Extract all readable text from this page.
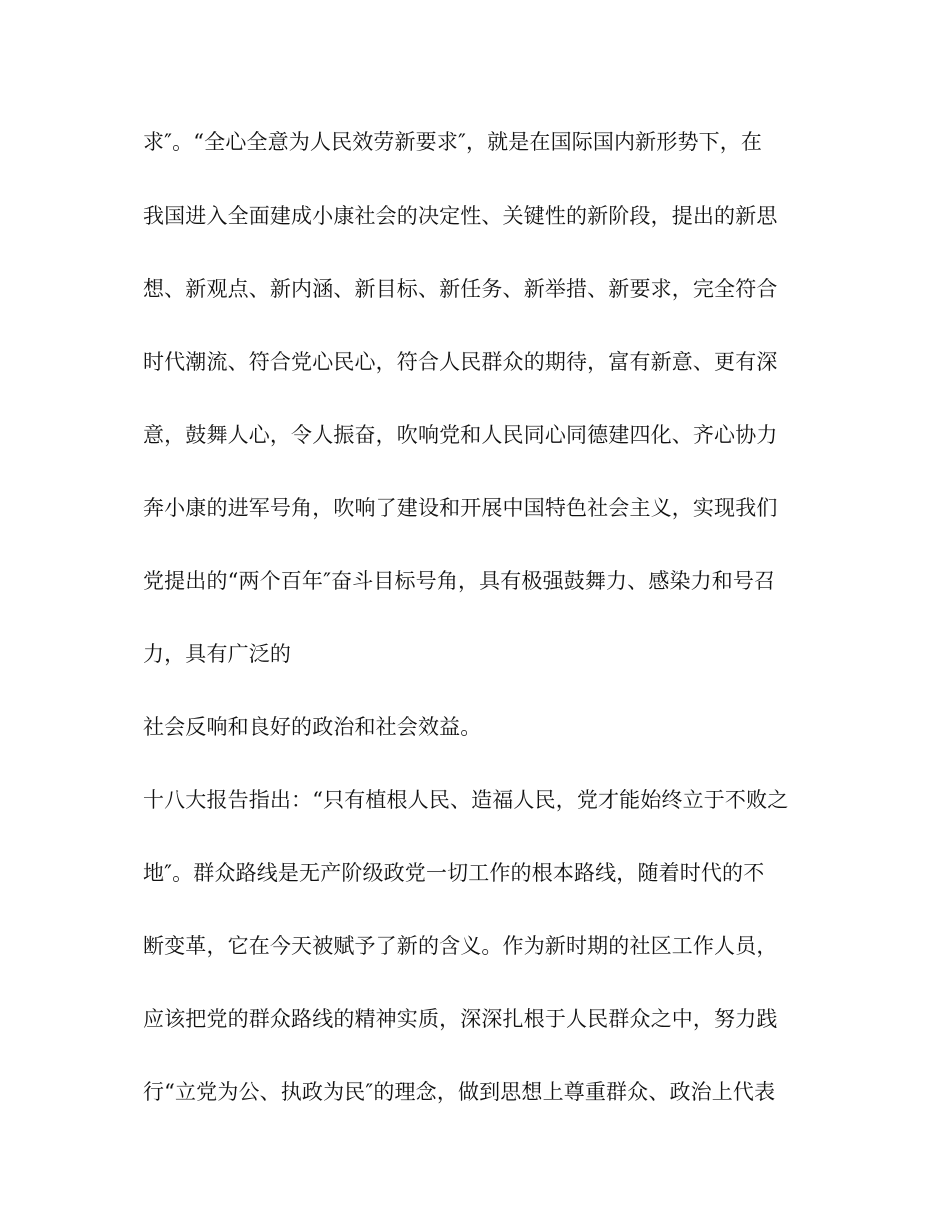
求″。“全心全意为人民效劳新要求″，就是在国际国内新形势下，在
我国进入全面建成小康社会的决定性、关键性的新阶段，提出的新思
想、新观点、新内涵、新目标、新任务、新举措、新要求，完全符合
时代潮流、符合党心民心，符合人民群众的期待，富有新意、更有深
意，鼓舞人心，令人振奋，吹响党和人民同心同德建四化、齐心协力
奔小康的进军号角，吹响了建设和开展中国特色社会主义，实现我们
党提出的“两个百年″奋斗目标号角，具有极强鼓舞力、感染力和号召
力，具有广泛的
社会反响和良好的政治和社会效益。
十八大报告指出：“只有植根人民、造福人民，党才能始终立于不败之
地″。群众路线是无产阶级政党一切工作的根本路线，随着时代的不
断变革，它在今天被赋予了新的含义。作为新时期的社区工作人员，
应该把党的群众路线的精神实质，深深扎根于人民群众之中，努力践
行“立党为公、执政为民″的理念，做到思想上尊重群众、政治上代表
